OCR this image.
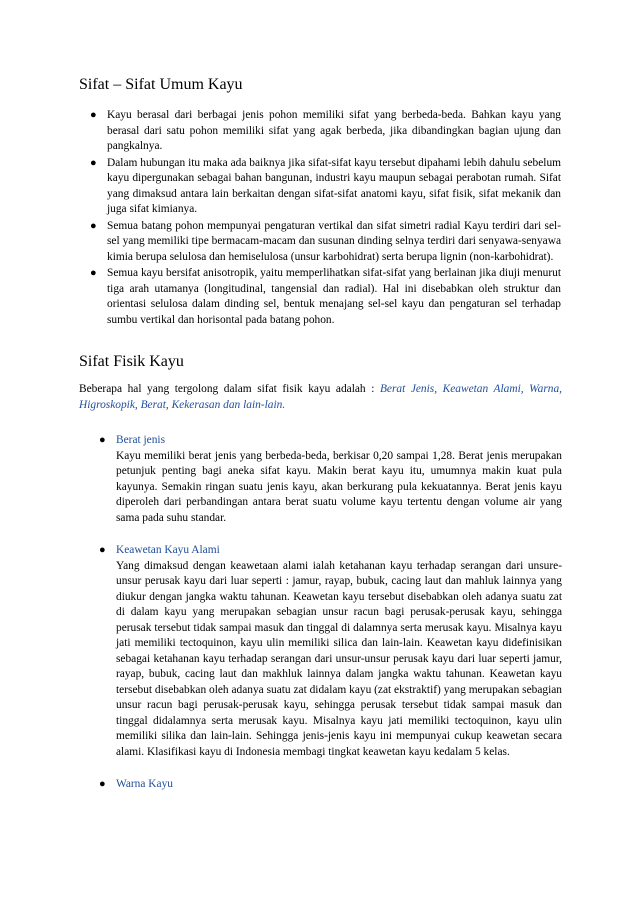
Sifat – Sifat Umum Kayu
● Kayu berasal dari berbagai jenis pohon memiliki sifat yang berbeda-beda. Bahkan kayu yang berasal dari satu pohon memiliki sifat yang agak berbeda, jika dibandingkan bagian ujung dan pangkalnya.
● Dalam hubungan itu maka ada baiknya jika sifat-sifat kayu tersebut dipahami lebih dahulu sebelum kayu dipergunakan sebagai bahan bangunan, industri kayu maupun sebagai perabotan rumah. Sifat yang dimaksud antara lain berkaitan dengan sifat-sifat anatomi kayu, sifat fisik, sifat mekanik dan juga sifat kimianya.
● Semua batang pohon mempunyai pengaturan vertikal dan sifat simetri radial Kayu terdiri dari sel-sel yang memiliki tipe bermacam-macam dan susunan dinding selnya terdiri dari senyawa-senyawa kimia berupa selulosa dan hemiselulosa (unsur karbohidrat) serta berupa lignin (non-karbohidrat).
● Semua kayu bersifat anisotropik, yaitu memperlihatkan sifat-sifat yang berlainan jika diuji menurut tiga arah utamanya (longitudinal, tangensial dan radial). Hal ini disebabkan oleh struktur dan orientasi selulosa dalam dinding sel, bentuk menajang sel-sel kayu dan pengaturan sel terhadap sumbu vertikal dan horisontal pada batang pohon.
Sifat Fisik Kayu

Beberapa hal yang tergolong dalam sifat fisik kayu adalah : Berat Jenis, Keawetan Alami, Warna, Higroskopik, Berat, Kekerasan dan lain-lain.

● Berat jenis
Kayu memiliki berat jenis yang berbeda-beda, berkisar 0,20 sampai 1,28. Berat jenis merupakan petunjuk penting bagi aneka sifat kayu. Makin berat kayu itu, umumnya makin kuat pula kayunya. Semakin ringan suatu jenis kayu, akan berkurang pula kekuatannya. Berat jenis kayu diperoleh dari perbandingan antara berat suatu volume kayu tertentu dengan volume air yang sama pada suhu standar.
● Keawetan Kayu Alami
Yang dimaksud dengan keawetaan alami ialah ketahanan kayu terhadap serangan dari unsure-unsur perusak kayu dari luar seperti : jamur, rayap, bubuk, cacing laut dan mahluk lainnya yang diukur dengan jangka waktu tahunan. Keawetan kayu tersebut disebabkan oleh adanya suatu zat di dalam kayu yang merupakan sebagian unsur racun bagi perusak-perusak kayu, sehingga perusak tersebut tidak sampai masuk dan tinggal di dalamnya serta merusak kayu. Misalnya kayu jati memiliki tectoquinon, kayu ulin memiliki silica dan lain-lain. Keawetan kayu didefinisikan sebagai ketahanan kayu terhadap serangan dari unsur-unsur perusak kayu dari luar seperti jamur, rayap, bubuk, cacing laut dan makhluk lainnya dalam jangka waktu tahunan. Keawetan kayu tersebut disebabkan oleh adanya suatu zat didalam kayu (zat ekstraktif) yang merupakan sebagian unsur racun bagi perusak-perusak kayu, sehingga perusak tersebut tidak sampai masuk dan tinggal didalamnya serta merusak kayu. Misalnya kayu jati memiliki tectoquinon, kayu ulin memiliki silika dan lain-lain. Sehingga jenis-jenis kayu ini mempunyai cukup keawetan secara alami. Klasifikasi kayu di Indonesia membagi tingkat keawetan kayu kedalam 5 kelas.
● Warna Kayu
